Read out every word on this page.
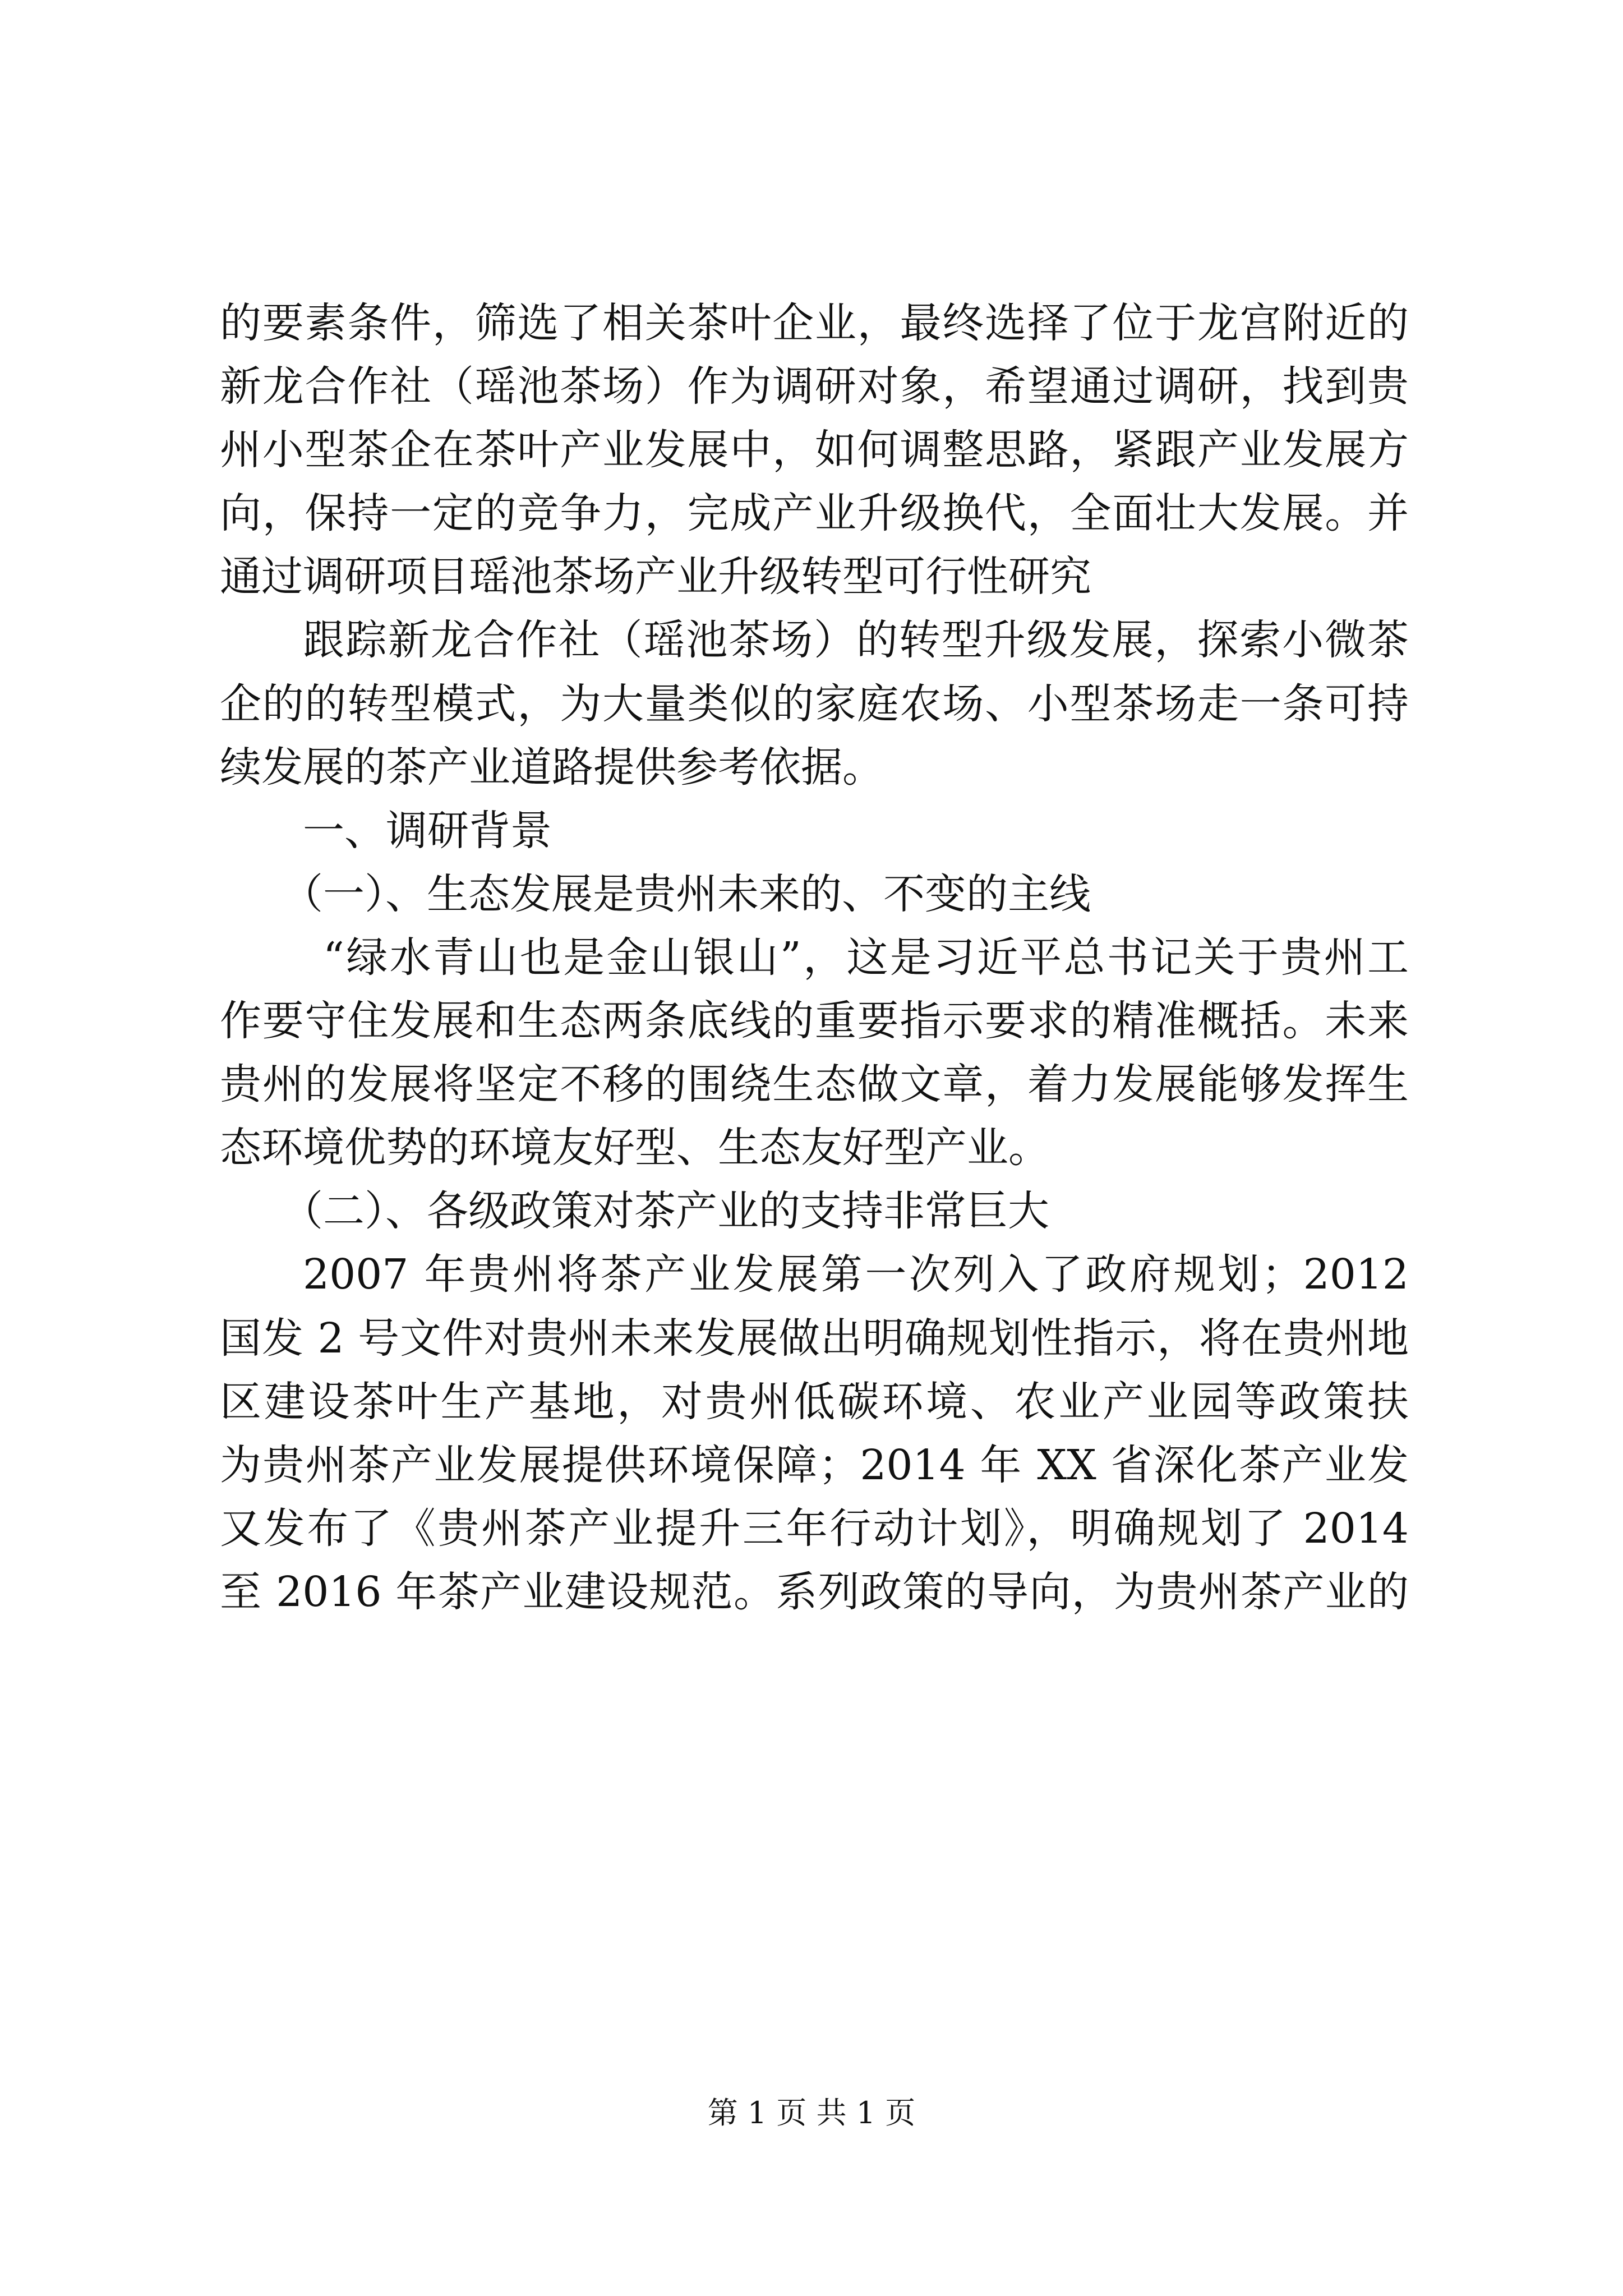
的要素条件，筛选了相关茶叶企业，最终选择了位于龙宫附近的
新龙合作社（瑶池茶场）作为调研对象，希望通过调研，找到贵
州小型茶企在茶叶产业发展中，如何调整思路，紧跟产业发展方
向，保持一定的竞争力，完成产业升级换代，全面壮大发展。并
通过调研项目瑶池茶场产业升级转型可行性研究
跟踪新龙合作社（瑶池茶场）的转型升级发展，探索小微茶
企的的转型模式，为大量类似的家庭农场、小型茶场走一条可持
续发展的茶产业道路提供参考依据。
一、调研背景
（一）、生态发展是贵州未来的、不变的主线
“绿水青山也是金山银山”，这是习近平总书记关于贵州工
作要守住发展和生态两条底线的重要指示要求的精准概括。未来
贵州的发展将坚定不移的围绕生态做文章，着力发展能够发挥生
态环境优势的环境友好型、生态友好型产业。
（二）、各级政策对茶产业的支持非常巨大
2007 年贵州将茶产业发展第一次列入了政府规划；2012
国发 2 号文件对贵州未来发展做出明确规划性指示，将在贵州地
区建设茶叶生产基地，对贵州低碳环境、农业产业园等政策扶
为贵州茶产业发展提供环境保障；2014 年 XX 省深化茶产业发
又发布了《贵州茶产业提升三年行动计划》，明确规划了 2014
至 2016 年茶产业建设规范。系列政策的导向，为贵州茶产业的
第 1 页 共 1 页
